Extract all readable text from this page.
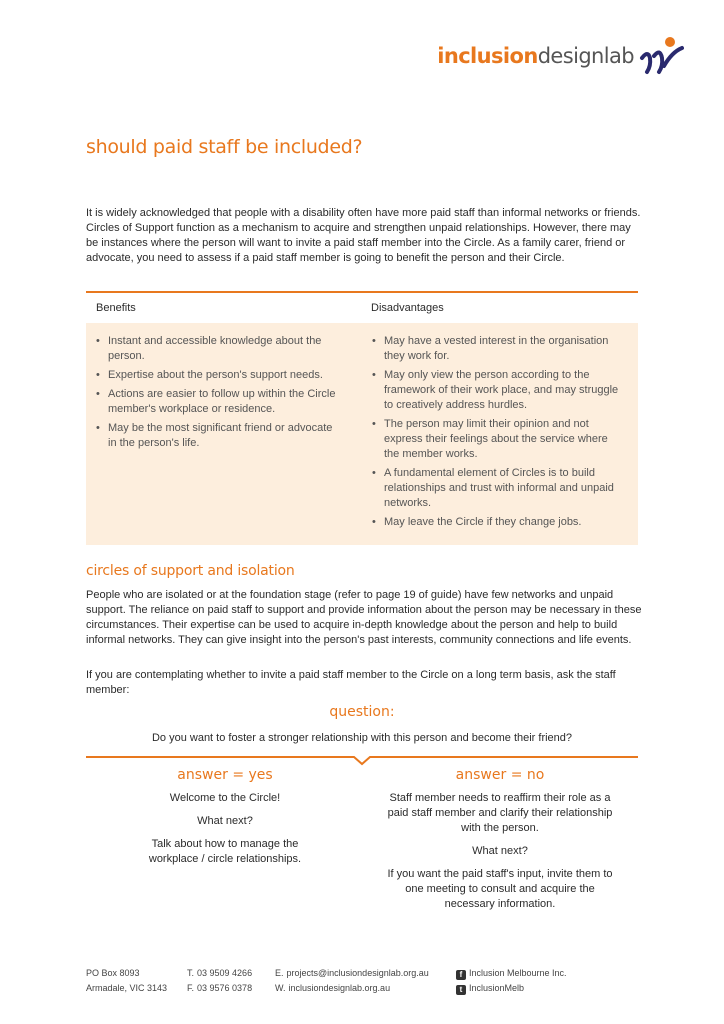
inclusiondesignlab
should paid staff be included?

It is widely acknowledged that people with a disability often have more paid staff than informal networks or friends. Circles of Support function as a mechanism to acquire and strengthen unpaid relationships. However, there may be instances where the person will want to invite a paid staff member into the Circle. As a family carer, friend or advocate, you need to assess if a paid staff member is going to benefit the person and their Circle.

Benefits	Disadvantages
• Instant and accessible knowledge about the person.
• Expertise about the person's support needs.
• Actions are easier to follow up within the Circle member's workplace or residence.
• May be the most significant friend or advocate in the person's life.
• May have a vested interest in the organisation they work for.
• May only view the person according to the framework of their work place, and may struggle to creatively address hurdles.
• The person may limit their opinion and not express their feelings about the service where the member works.
• A fundamental element of Circles is to build relationships and trust with informal and unpaid networks.
• May leave the Circle if they change jobs.
circles of support and isolation

People who are isolated or at the foundation stage (refer to page 19 of guide) have few networks and unpaid support. The reliance on paid staff to support and provide information about the person may be necessary in these circumstances. Their expertise can be used to acquire in-depth knowledge about the person and help to build informal networks. They can give insight into the person's past interests, community connections and life events.

If you are contemplating whether to invite a paid staff member to the Circle on a long term basis, ask the staff member:

question:
Do you want to foster a stronger relationship with this person and become their friend?
answer = yes

Welcome to the Circle!

What next?

Talk about how to manage the workplace / circle relationships.

answer = no

Staff member needs to reaffirm their role as a paid staff member and clarify their relationship with the person.

What next?

If you want the paid staff's input, invite them to one meeting to consult and acquire the necessary information.

PO Box 8093
Armadale, VIC 3143
T. 03 9509 4266
F. 03 9576 0378
E. projects@inclusiondesignlab.org.au
W. inclusiondesignlab.org.au
f Inclusion Melbourne Inc.
t InclusionMelb
